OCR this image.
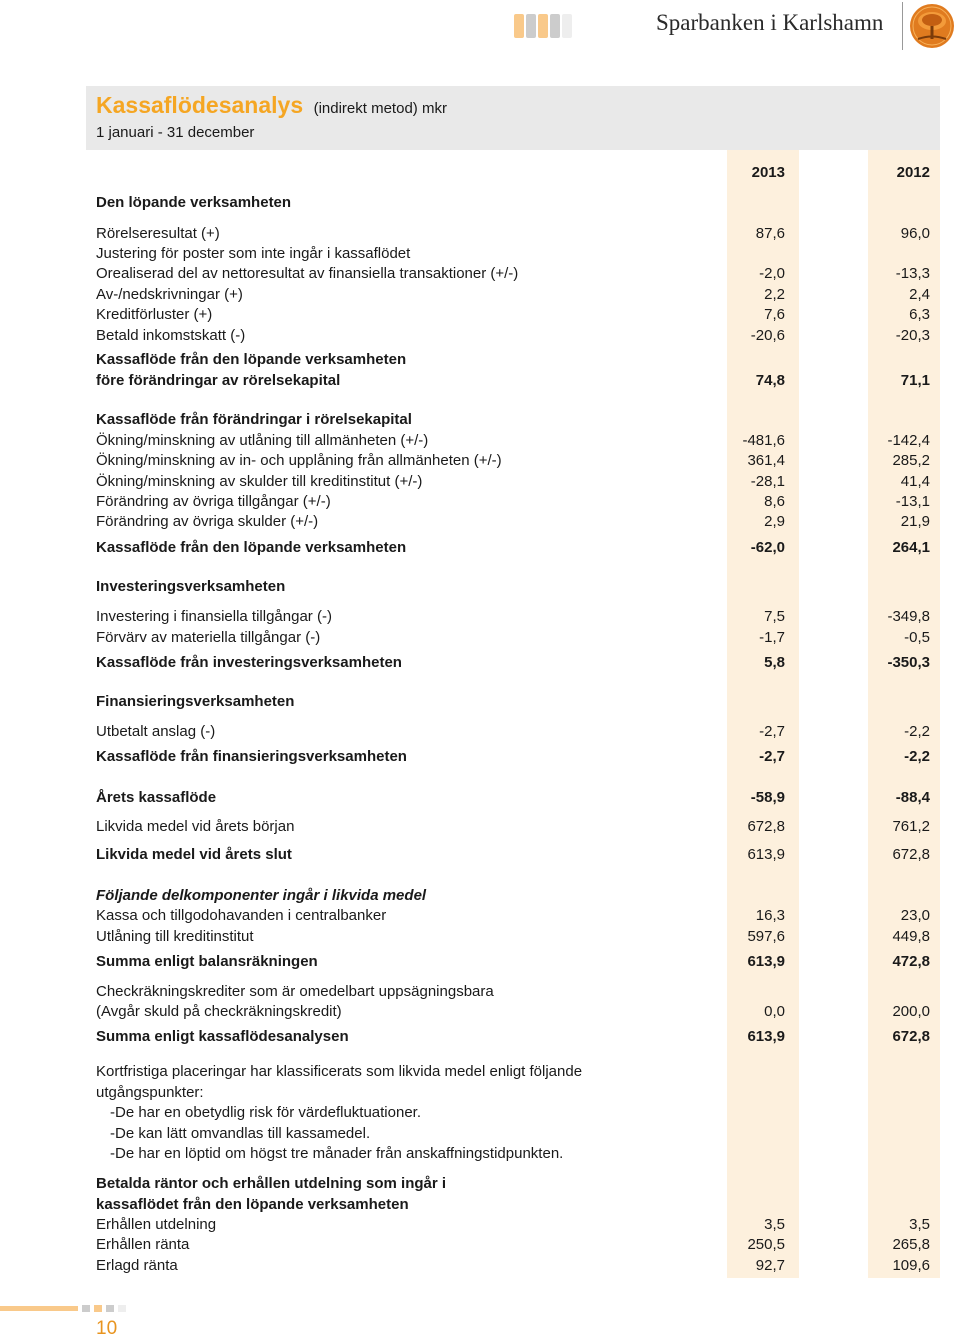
Sparbanken i Karlshamn
Kassaflödesanalys (indirekt metod) mkr
1 januari - 31 december
2013	2012
Den löpande verksamheten
Rörelseresultat (+)	87,6	96,0
Justering för poster som inte ingår i kassaflödet
Orealiserad del av nettoresultat av finansiella transaktioner (+/-)	-2,0	-13,3
Av-/nedskrivningar (+)	2,2	2,4
Kreditförluster (+)	7,6	6,3
Betald inkomstskatt (-)	-20,6	-20,3
Kassaflöde från den löpande verksamheten
före förändringar av rörelsekapital	74,8	71,1
Kassaflöde från förändringar i rörelsekapital
Ökning/minskning av utlåning till allmänheten (+/-)	-481,6	-142,4
Ökning/minskning av in- och upplåning från allmänheten (+/-)	361,4	285,2
Ökning/minskning av skulder till kreditinstitut (+/-)	-28,1	41,4
Förändring av övriga tillgångar (+/-)	8,6	-13,1
Förändring av övriga skulder (+/-)	2,9	21,9
Kassaflöde från den löpande verksamheten	-62,0	264,1
Investeringsverksamheten
Investering i finansiella tillgångar (-)	7,5	-349,8
Förvärv av materiella tillgångar (-)	-1,7	-0,5
Kassaflöde från investeringsverksamheten	5,8	-350,3
Finansieringsverksamheten
Utbetalt anslag (-)	-2,7	-2,2
Kassaflöde från finansieringsverksamheten	-2,7	-2,2
Årets kassaflöde	-58,9	-88,4
Likvida medel vid årets början	672,8	761,2
Likvida medel vid årets slut	613,9	672,8
Följande delkomponenter ingår i likvida medel
Kassa och tillgodohavanden i centralbanker	16,3	23,0
Utlåning till kreditinstitut	597,6	449,8
Summa enligt balansräkningen	613,9	472,8
Checkräkningskrediter som är omedelbart uppsägningsbara
(Avgår skuld på checkräkningskredit)	0,0	200,0
Summa enligt kassaflödesanalysen	613,9	672,8
Kortfristiga placeringar har klassificerats som likvida medel enligt följande
utgångspunkter:
-De har en obetydlig risk för värdefluktuationer.
-De kan lätt omvandlas till kassamedel.
-De har en löptid om högst tre månader från anskaffningstidpunkten.
Betalda räntor och erhållen utdelning som ingår i
kassaflödet från den löpande verksamheten
Erhållen utdelning	3,5	3,5
Erhållen ränta	250,5	265,8
Erlagd ränta	92,7	109,6
10
